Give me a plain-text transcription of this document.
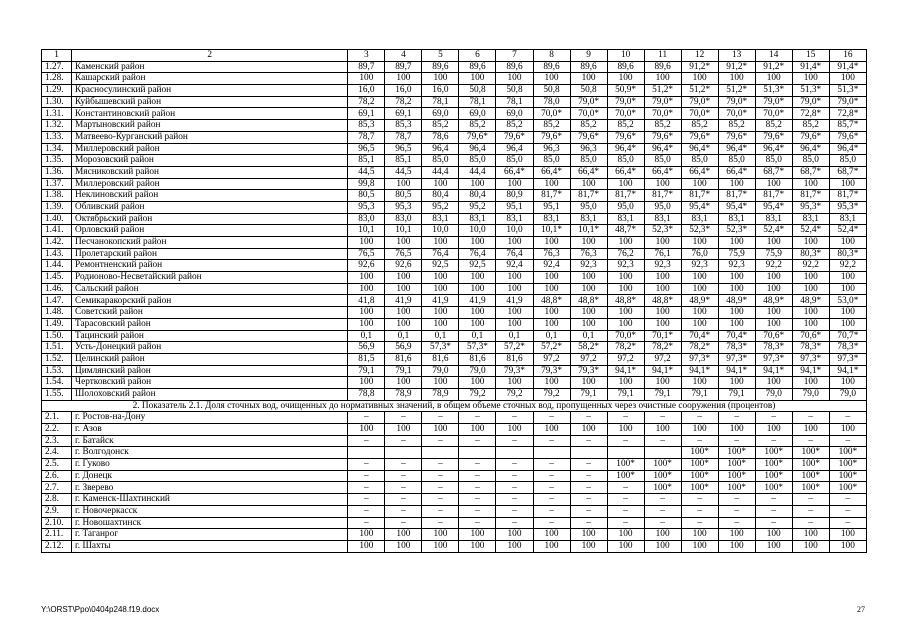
1	2	3	4	5	6	7	8	9	10	11	12	13	14	15	16
1.27.	Каменский район	89,7	89,7	89,6	89,6	89,6	89,6	89,6	89,6	89,6	91,2*	91,2*	91,2*	91,4*	91,4*
1.28.	Кашарский район	100	100	100	100	100	100	100	100	100	100	100	100	100	100
1.29.	Красносулинский район	16,0	16,0	16,0	50,8	50,8	50,8	50,8	50,9*	51,2*	51,2*	51,2*	51,3*	51,3*	51,3*
1.30.	Куйбышевский район	78,2	78,2	78,1	78,1	78,1	78,0	79,0*	79,0*	79,0*	79,0*	79,0*	79,0*	79,0*	79,0*
1.31.	Константиновский район	69,1	69,1	69,0	69,0	69,0	70,0*	70,0*	70,0*	70,0*	70,0*	70,0*	70,0*	72,8*	72,8*
1.32.	Мартыновский район	85,3	85,3	85,2	85,2	85,2	85,2	85,2	85,2	85,2	85,2	85,2	85,2	85,2	85,7*
1.33.	Матвеево-Курганский район	78,7	78,7	78,6	79,6*	79,6*	79,6*	79,6*	79,6*	79,6*	79,6*	79,6*	79,6*	79,6*	79,6*
1.34.	Миллеровский район	96,5	96,5	96,4	96,4	96,4	96,3	96,3	96,4*	96,4*	96,4*	96,4*	96,4*	96,4*	96,4*
1.35.	Морозовский район	85,1	85,1	85,0	85,0	85,0	85,0	85,0	85,0	85,0	85,0	85,0	85,0	85,0	85,0
1.36.	Мясниковский район	44,5	44,5	44,4	44,4	66,4*	66,4*	66,4*	66,4*	66,4*	66,4*	66,4*	68,7*	68,7*	68,7*
1.37.	Миллеровский район	99,8	100	100	100	100	100	100	100	100	100	100	100	100	100
1.38.	Неклиновский район	80,5	80,5	80,4	80,4	80,9	81,7*	81,7*	81,7*	81,7*	81,7*	81,7*	81,7*	81,7*	81,7*
1.39.	Обливский район	95,3	95,3	95,2	95,2	95,1	95,1	95,0	95,0	95,0	95,4*	95,4*	95,4*	95,3*	95,3*
1.40.	Октябрьский район	83,0	83,0	83,1	83,1	83,1	83,1	83,1	83,1	83,1	83,1	83,1	83,1	83,1	83,1
1.41.	Орловский район	10,1	10,1	10,0	10,0	10,0	10,1*	10,1*	48,7*	52,3*	52,3*	52,3*	52,4*	52,4*	52,4*
1.42.	Песчанокопский район	100	100	100	100	100	100	100	100	100	100	100	100	100	100
1.43.	Пролетарский район	76,5	76,5	76,4	76,4	76,4	76,3	76,3	76,2	76,1	76,0	75,9	75,9	80,3*	80,3*
1.44.	Ремонтненский район	92,6	92,6	92,5	92,5	92,4	92,4	92,3	92,3	92,3	92,3	92,3	92,2	92,2	92,2
1.45.	Родионово-Несветайский район	100	100	100	100	100	100	100	100	100	100	100	100	100	100
1.46.	Сальский район	100	100	100	100	100	100	100	100	100	100	100	100	100	100
1.47.	Семикаракорский район	41,8	41,9	41,9	41,9	41,9	48,8*	48,8*	48,8*	48,8*	48,9*	48,9*	48,9*	48,9*	53,0*
1.48.	Советский район	100	100	100	100	100	100	100	100	100	100	100	100	100	100
1.49.	Тарасовский район	100	100	100	100	100	100	100	100	100	100	100	100	100	100
1.50.	Тацинский район	0,1	0,1	0,1	0,1	0,1	0,1	0,1	70,0*	70,1*	70,4*	70,4*	70,6*	70,6*	70,7*
1.51.	Усть-Донецкий район	56,9	56,9	57,3*	57,3*	57,2*	57,2*	58,2*	78,2*	78,2*	78,2*	78,3*	78,3*	78,3*	78,3*
1.52.	Целинский район	81,5	81,6	81,6	81,6	81,6	97,2	97,2	97,2	97,2	97,3*	97,3*	97,3*	97,3*	97,3*
1.53.	Цимлянский район	79,1	79,1	79,0	79,0	79,3*	79,3*	79,3*	94,1*	94,1*	94,1*	94,1*	94,1*	94,1*	94,1*
1.54.	Чертковский район	100	100	100	100	100	100	100	100	100	100	100	100	100	100
1.55.	Шолоховский район	78,8	78,9	78,9	79,2	79,2	79,2	79,1	79,1	79,1	79,1	79,1	79,0	79,0	79,0
2. Показатель 2.1. Доля сточных вод, очищенных до нормативных значений, в общем объеме сточных вод, пропущенных через очистные сооружения (процентов)															
2.1.	г. Ростов-на-Дону	–	–	–	–	–	–	–	–	–	–	–	–	–	–
2.2.	г. Азов	100	100	100	100	100	100	100	100	100	100	100	100	100	100
2.3.	г. Батайск	–	–	–	–	–	–	–	–	–	–	–	–	–	–
2.4.	г. Волгодонск										100*	100*	100*	100*	100*
2.5.	г. Гуково	–	–	–	–	–	–	–	100*	100*	100*	100*	100*	100*	100*
2.6.	г. Донецк	–	–	–	–	–	–	–	100*	100*	100*	100*	100*	100*	100*
2.7.	г. Зверево	–	–	–	–	–	–	–	–	100*	100*	100*	100*	100*	100*
2.8.	г. Каменск-Шахтинский	–	–	–	–	–	–	–	–	–	–	–	–	–	–
2.9.	г. Новочеркасск	–	–	–	–	–	–	–	–	–	–	–	–	–	–
2.10.	г. Новошахтинск	–	–	–	–	–	–	–	–	–	–	–	–	–	–
2.11.	г. Таганрог	100	100	100	100	100	100	100	100	100	100	100	100	100	100
2.12.	г. Шахты	100	100	100	100	100	100	100	100	100	100	100	100	100	100
Y:\ORST\Ppo\0404p248.f19.docx	27
